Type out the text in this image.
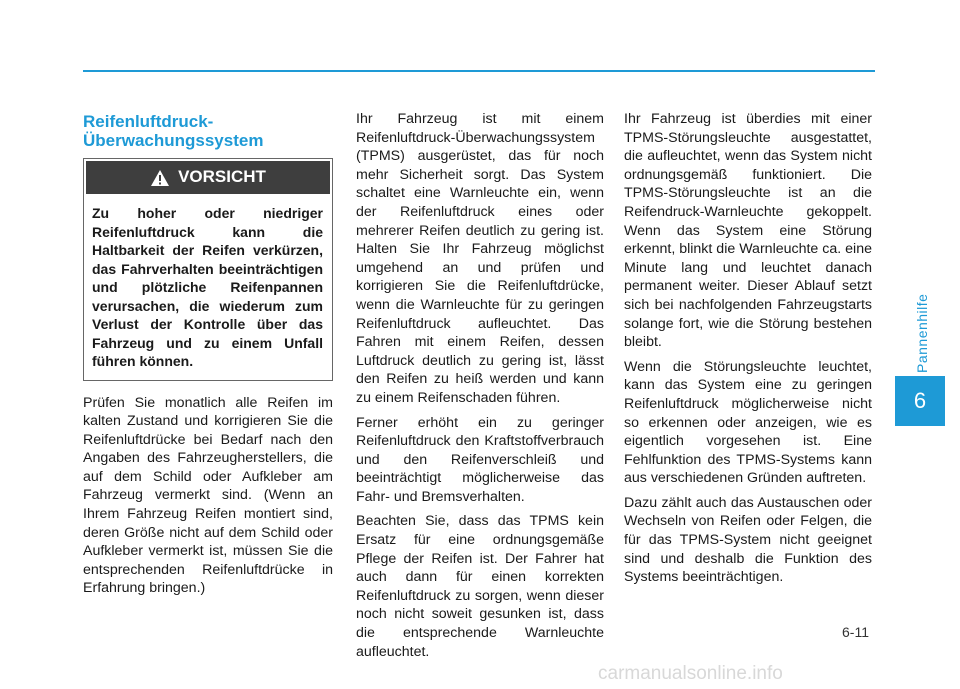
Pannenhilfe
6
Reifenluftdruck-
Überwachungssystem
VORSICHT
Zu hoher oder niedriger Reifenluftdruck kann die Haltbarkeit der Reifen verkürzen, das Fahrverhalten beeinträchtigen und plötzliche Reifenpannen verursachen, die wiederum zum Verlust der Kontrolle über das Fahrzeug und zu einem Unfall führen können.

Prüfen Sie monatlich alle Reifen im kalten Zustand und korrigieren Sie die Reifenluftdrücke bei Bedarf nach den Angaben des Fahrzeugherstellers, die auf dem Schild oder Aufkleber am Fahrzeug vermerkt sind. (Wenn an Ihrem Fahrzeug Reifen montiert sind, deren Größe nicht auf dem Schild oder Aufkleber vermerkt ist, müssen Sie die entsprechenden Reifenluftdrücke in Erfahrung bringen.)

Ihr Fahrzeug ist mit einem Reifenluftdruck-Überwachungssystem (TPMS) ausgerüstet, das für noch mehr Sicherheit sorgt. Das System schaltet eine Warnleuchte ein, wenn der Reifenluftdruck eines oder mehrerer Reifen deutlich zu gering ist. Halten Sie Ihr Fahrzeug möglichst umgehend an und prüfen und korrigieren Sie die Reifenluftdrücke, wenn die Warnleuchte für zu geringen Reifenluftdruck aufleuchtet. Das Fahren mit einem Reifen, dessen Luftdruck deutlich zu gering ist, lässt den Reifen zu heiß werden und kann zu einem Reifenschaden führen.

Ferner erhöht ein zu geringer Reifenluftdruck den Kraftstoffverbrauch und den Reifenverschleiß und beeinträchtigt möglicherweise das Fahr- und Bremsverhalten.

Beachten Sie, dass das TPMS kein Ersatz für eine ordnungsgemäße Pflege der Reifen ist. Der Fahrer hat auch dann für einen korrekten Reifenluftdruck zu sorgen, wenn dieser noch nicht soweit gesunken ist, dass die entsprechende Warnleuchte aufleuchtet.

Ihr Fahrzeug ist überdies mit einer TPMS-Störungsleuchte ausgestattet, die aufleuchtet, wenn das System nicht ordnungsgemäß funktioniert. Die TPMS-Störungsleuchte ist an die Reifendruck-Warnleuchte gekoppelt. Wenn das System eine Störung erkennt, blinkt die Warnleuchte ca. eine Minute lang und leuchtet danach permanent weiter. Dieser Ablauf setzt sich bei nachfolgenden Fahrzeugstarts solange fort, wie die Störung bestehen bleibt.

Wenn die Störungsleuchte leuchtet, kann das System eine zu geringen Reifenluftdruck möglicherweise nicht so erkennen oder anzeigen, wie es eigentlich vorgesehen ist. Eine Fehlfunktion des TPMS-Systems kann aus verschiedenen Gründen auftreten.

Dazu zählt auch das Austauschen oder Wechseln von Reifen oder Felgen, die für das TPMS-System nicht geeignet sind und deshalb die Funktion des Systems beeinträchtigen.

6-11
carmanualsonline.info
